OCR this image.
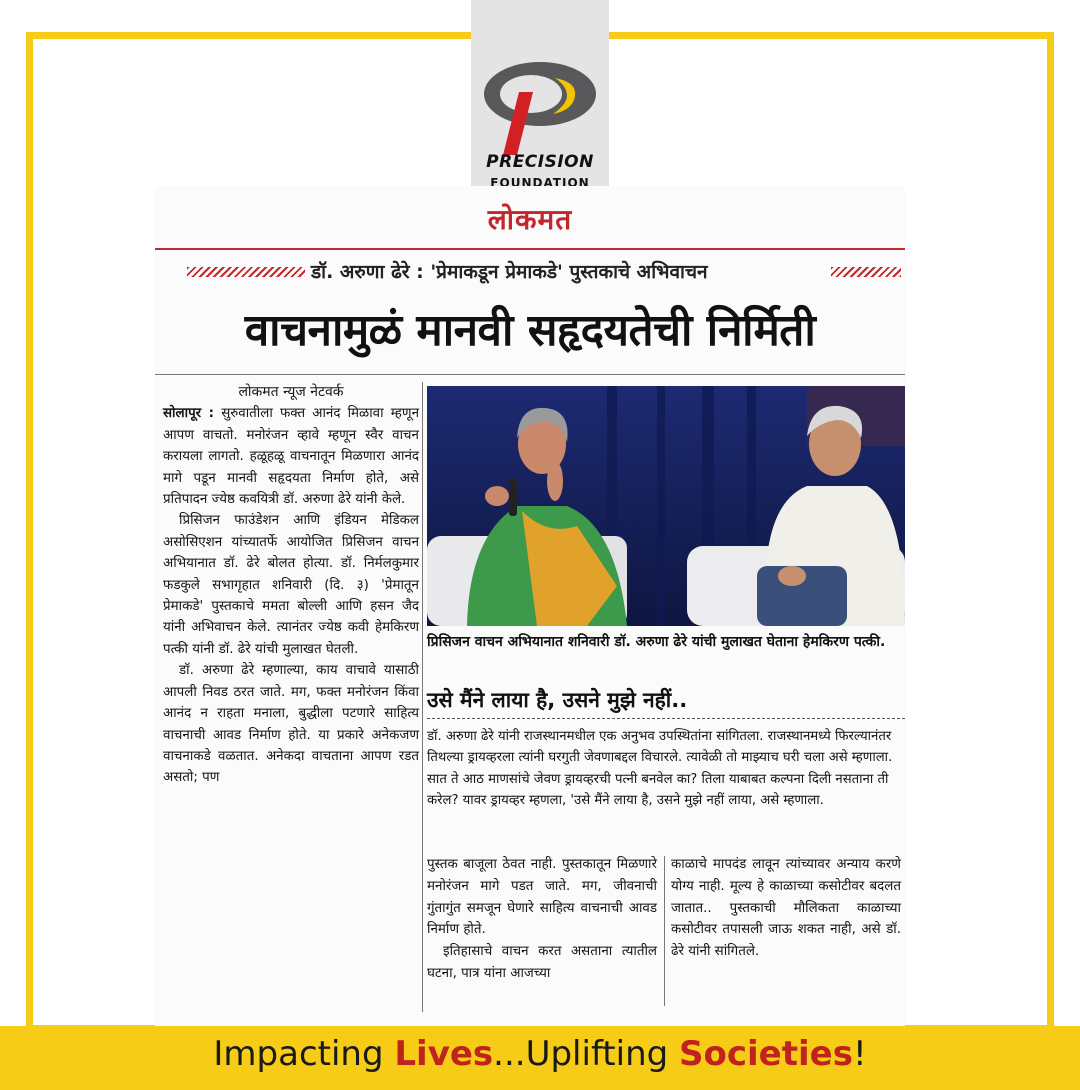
PRECISION
FOUNDATION
लोकमत
डॉ. अरुणा ढेरे : 'प्रेमाकडून प्रेमाकडे' पुस्तकाचे अभिवाचन
वाचनामुळं मानवी सहृदयतेची निर्मिती
लोकमत न्यूज नेटवर्क

सोलापूर : सुरुवातीला फक्त आनंद मिळावा म्हणून आपण वाचतो. मनोरंजन व्हावे म्हणून स्वैर वाचन करायला लागतो. हळूहळू वाचनातून मिळणारा आनंद मागे पडून मानवी सहृदयता निर्माण होते, असे प्रतिपादन ज्येष्ठ कवयित्री डॉ. अरुणा ढेरे यांनी केले.

प्रिसिजन फाउंडेशन आणि इंडियन मेडिकल असोसिएशन यांच्यातर्फे आयोजित प्रिसिजन वाचन अभियानात डॉ. ढेरे बोलत होत्या. डॉ. निर्मलकुमार फडकुले सभागृहात शनिवारी (दि. ३) 'प्रेमातून प्रेमाकडे' पुस्तकाचे ममता बोल्ली आणि हसन जैद यांनी अभिवाचन केले. त्यानंतर ज्येष्ठ कवी हेमकिरण पत्की यांनी डॉ. ढेरे यांची मुलाखत घेतली.

डॉ. अरुणा ढेरे म्हणाल्या, काय वाचावे यासाठी आपली निवड ठरत जाते. मग, फक्त मनोरंजन किंवा आनंद न राहता मनाला, बुद्धीला पटणारे साहित्य वाचनाची आवड निर्माण होते. या प्रकारे अनेकजण वाचनाकडे वळतात. अनेकदा वाचताना आपण रडत असतो; पण

प्रिसिजन वाचन अभियानात शनिवारी डॉ. अरुणा ढेरे यांची मुलाखत घेताना हेमकिरण पत्की.
उसे मैंने लाया है, उसने मुझे नहीं..

डॉ. अरुणा ढेरे यांनी राजस्थानमधील एक अनुभव उपस्थितांना सांगितला. राजस्थानमध्ये फिरल्यानंतर तिथल्या ड्रायव्हरला त्यांनी घरगुती जेवणाबद्दल विचारले. त्यावेळी तो माझ्याच घरी चला असे म्हणाला. सात ते आठ माणसांचे जेवण ड्रायव्हरची पत्नी बनवेल का? तिला याबाबत कल्पना दिली नसताना ती करेल? यावर ड्रायव्हर म्हणला, 'उसे मैंने लाया है, उसने मुझे नहीं लाया, असे म्हणाला.

पुस्तक बाजूला ठेवत नाही. पुस्तकातून मिळणारे मनोरंजन मागे पडत जाते. मग, जीवनाची गुंतागुंत समजून घेणारे साहित्य वाचनाची आवड निर्माण होते.

इतिहासाचे वाचन करत असताना त्यातील घटना, पात्र यांना आजच्या

काळाचे मापदंड लावून त्यांच्यावर अन्याय करणे योग्य नाही. मूल्य हे काळाच्या कसोटीवर बदलत जातात.. पुस्तकाची मौलिकता काळाच्या कसोटीवर तपासली जाऊ शकत नाही, असे डॉ. ढेरे यांनी सांगितले.

Impacting Lives...Uplifting Societies!
